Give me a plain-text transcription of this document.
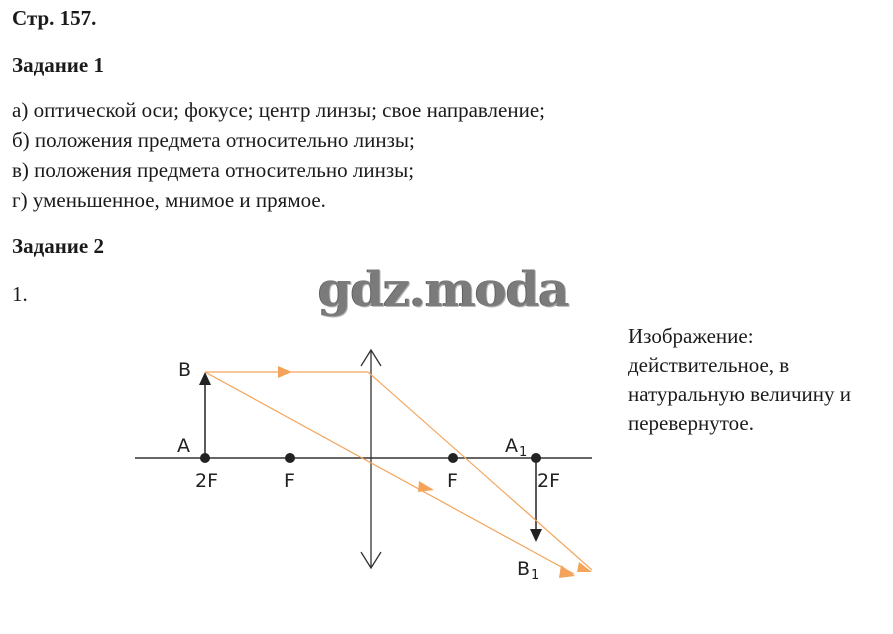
Стр. 157.
Задание 1
а) оптической оси; фокусе; центр линзы; свое направление;
б) положения предмета относительно линзы;
в) положения предмета относительно линзы;
г) уменьшенное, мнимое и прямое.
Задание 2
1.	gdz.moda
Изображение: действительное, в натуральную величину и перевернутое.
B
A
2F	F	F
A 1
2F
B 1
